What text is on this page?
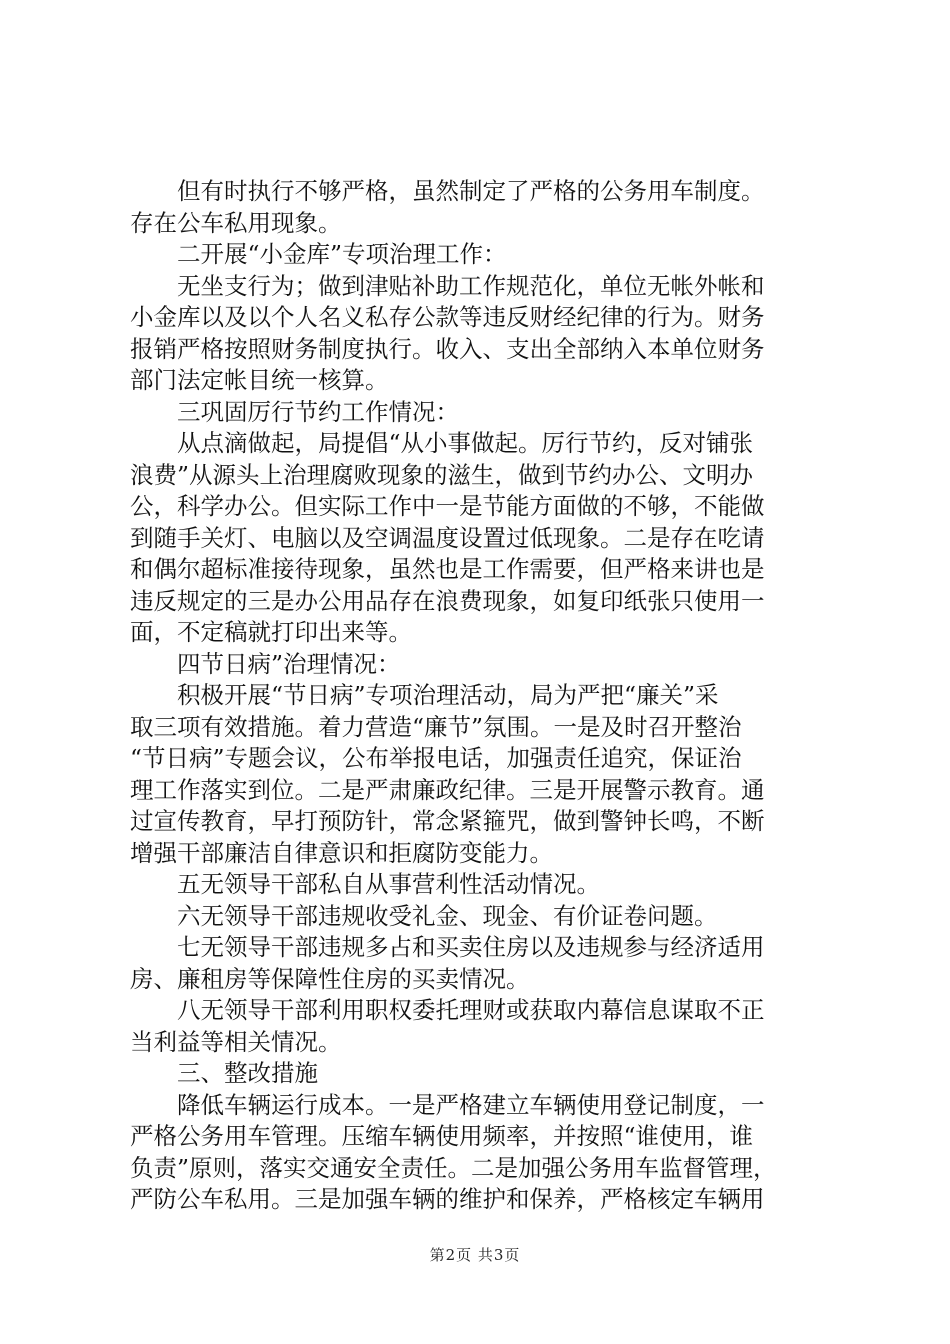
但有时执行不够严格，虽然制定了严格的公务用车制度。
存在公车私用现象。
二开展“小金库”专项治理工作：
无坐支行为；做到津贴补助工作规范化，单位无帐外帐和
小金库以及以个人名义私存公款等违反财经纪律的行为。财务
报销严格按照财务制度执行。收入、支出全部纳入本单位财务
部门法定帐目统一核算。
三巩固厉行节约工作情况：
从点滴做起，局提倡“从小事做起。厉行节约，反对铺张
浪费”从源头上治理腐败现象的滋生，做到节约办公、文明办
公，科学办公。但实际工作中一是节能方面做的不够，不能做
到随手关灯、电脑以及空调温度设置过低现象。二是存在吃请
和偶尔超标准接待现象，虽然也是工作需要，但严格来讲也是
违反规定的三是办公用品存在浪费现象，如复印纸张只使用一
面，不定稿就打印出来等。
四节日病”治理情况：
积极开展“节日病”专项治理活动，局为严把“廉关”采
取三项有效措施。着力营造“廉节”氛围。一是及时召开整治
“节日病”专题会议，公布举报电话，加强责任追究，保证治
理工作落实到位。二是严肃廉政纪律。三是开展警示教育。通
过宣传教育，早打预防针，常念紧箍咒，做到警钟长鸣，不断
增强干部廉洁自律意识和拒腐防变能力。
五无领导干部私自从事营利性活动情况。
六无领导干部违规收受礼金、现金、有价证卷问题。
七无领导干部违规多占和买卖住房以及违规参与经济适用
房、廉租房等保障性住房的买卖情况。
八无领导干部利用职权委托理财或获取内幕信息谋取不正
当利益等相关情况。
三、整改措施
降低车辆运行成本。一是严格建立车辆使用登记制度，一
严格公务用车管理。压缩车辆使用频率，并按照“谁使用，谁
负责”原则，落实交通安全责任。二是加强公务用车监督管理，
严防公车私用。三是加强车辆的维护和保养，严格核定车辆用
第2页 共3页
